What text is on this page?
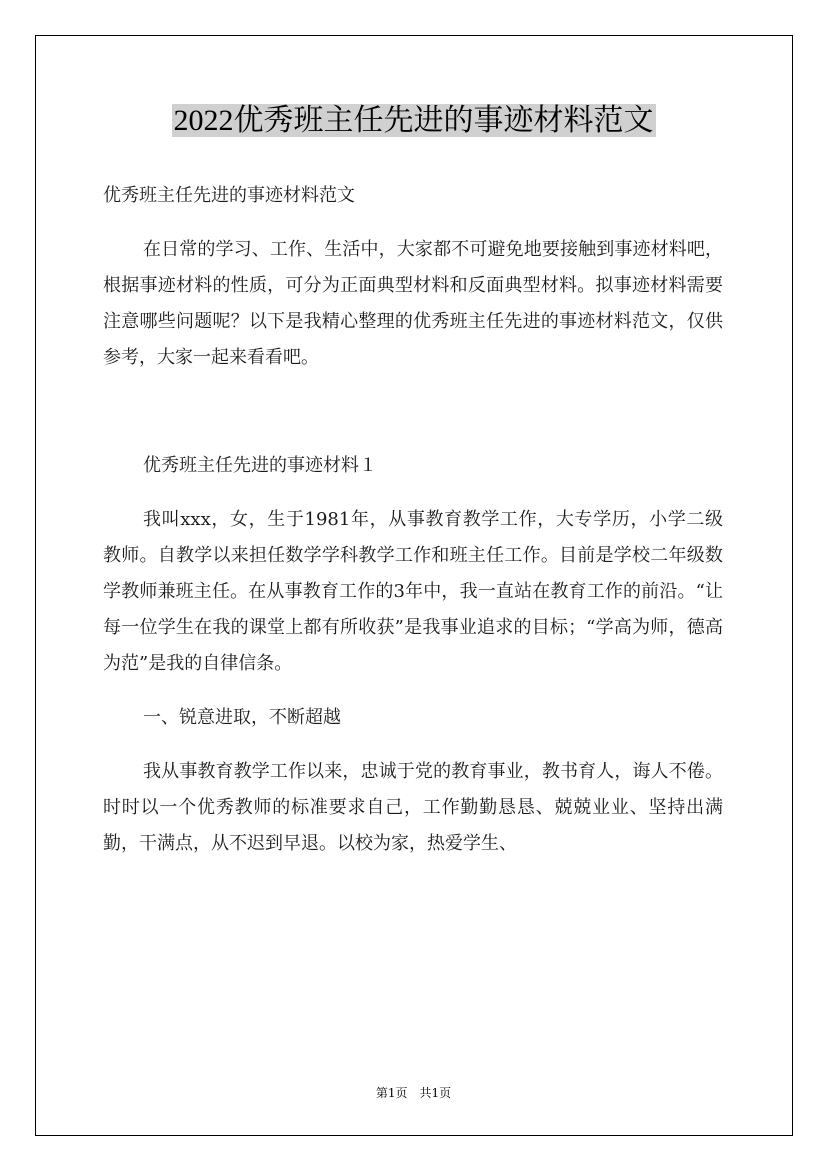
2022优秀班主任先进的事迹材料范文

优秀班主任先进的事迹材料范文

在日常的学习、工作、生活中，大家都不可避免地要接触到事迹材料吧，根据事迹材料的性质，可分为正面典型材料和反面典型材料。拟事迹材料需要注意哪些问题呢？以下是我精心整理的优秀班主任先进的事迹材料范文，仅供参考，大家一起来看看吧。

优秀班主任先进的事迹材料１

我叫xxx，女，生于1981年，从事教育教学工作，大专学历，小学二级教师。自教学以来担任数学学科教学工作和班主任工作。目前是学校二年级数学教师兼班主任。在从事教育工作的3年中，我一直站在教育工作的前沿。“让每一位学生在我的课堂上都有所收获”是我事业追求的目标；“学高为师，德高为范”是我的自律信条。

一、锐意进取，不断超越

我从事教育教学工作以来，忠诚于党的教育事业，教书育人，诲人不倦。时时以一个优秀教师的标准要求自己，工作勤勤恳恳、兢兢业业、坚持出满勤，干满点，从不迟到早退。以校为家，热爱学生、

第1页　共1页
